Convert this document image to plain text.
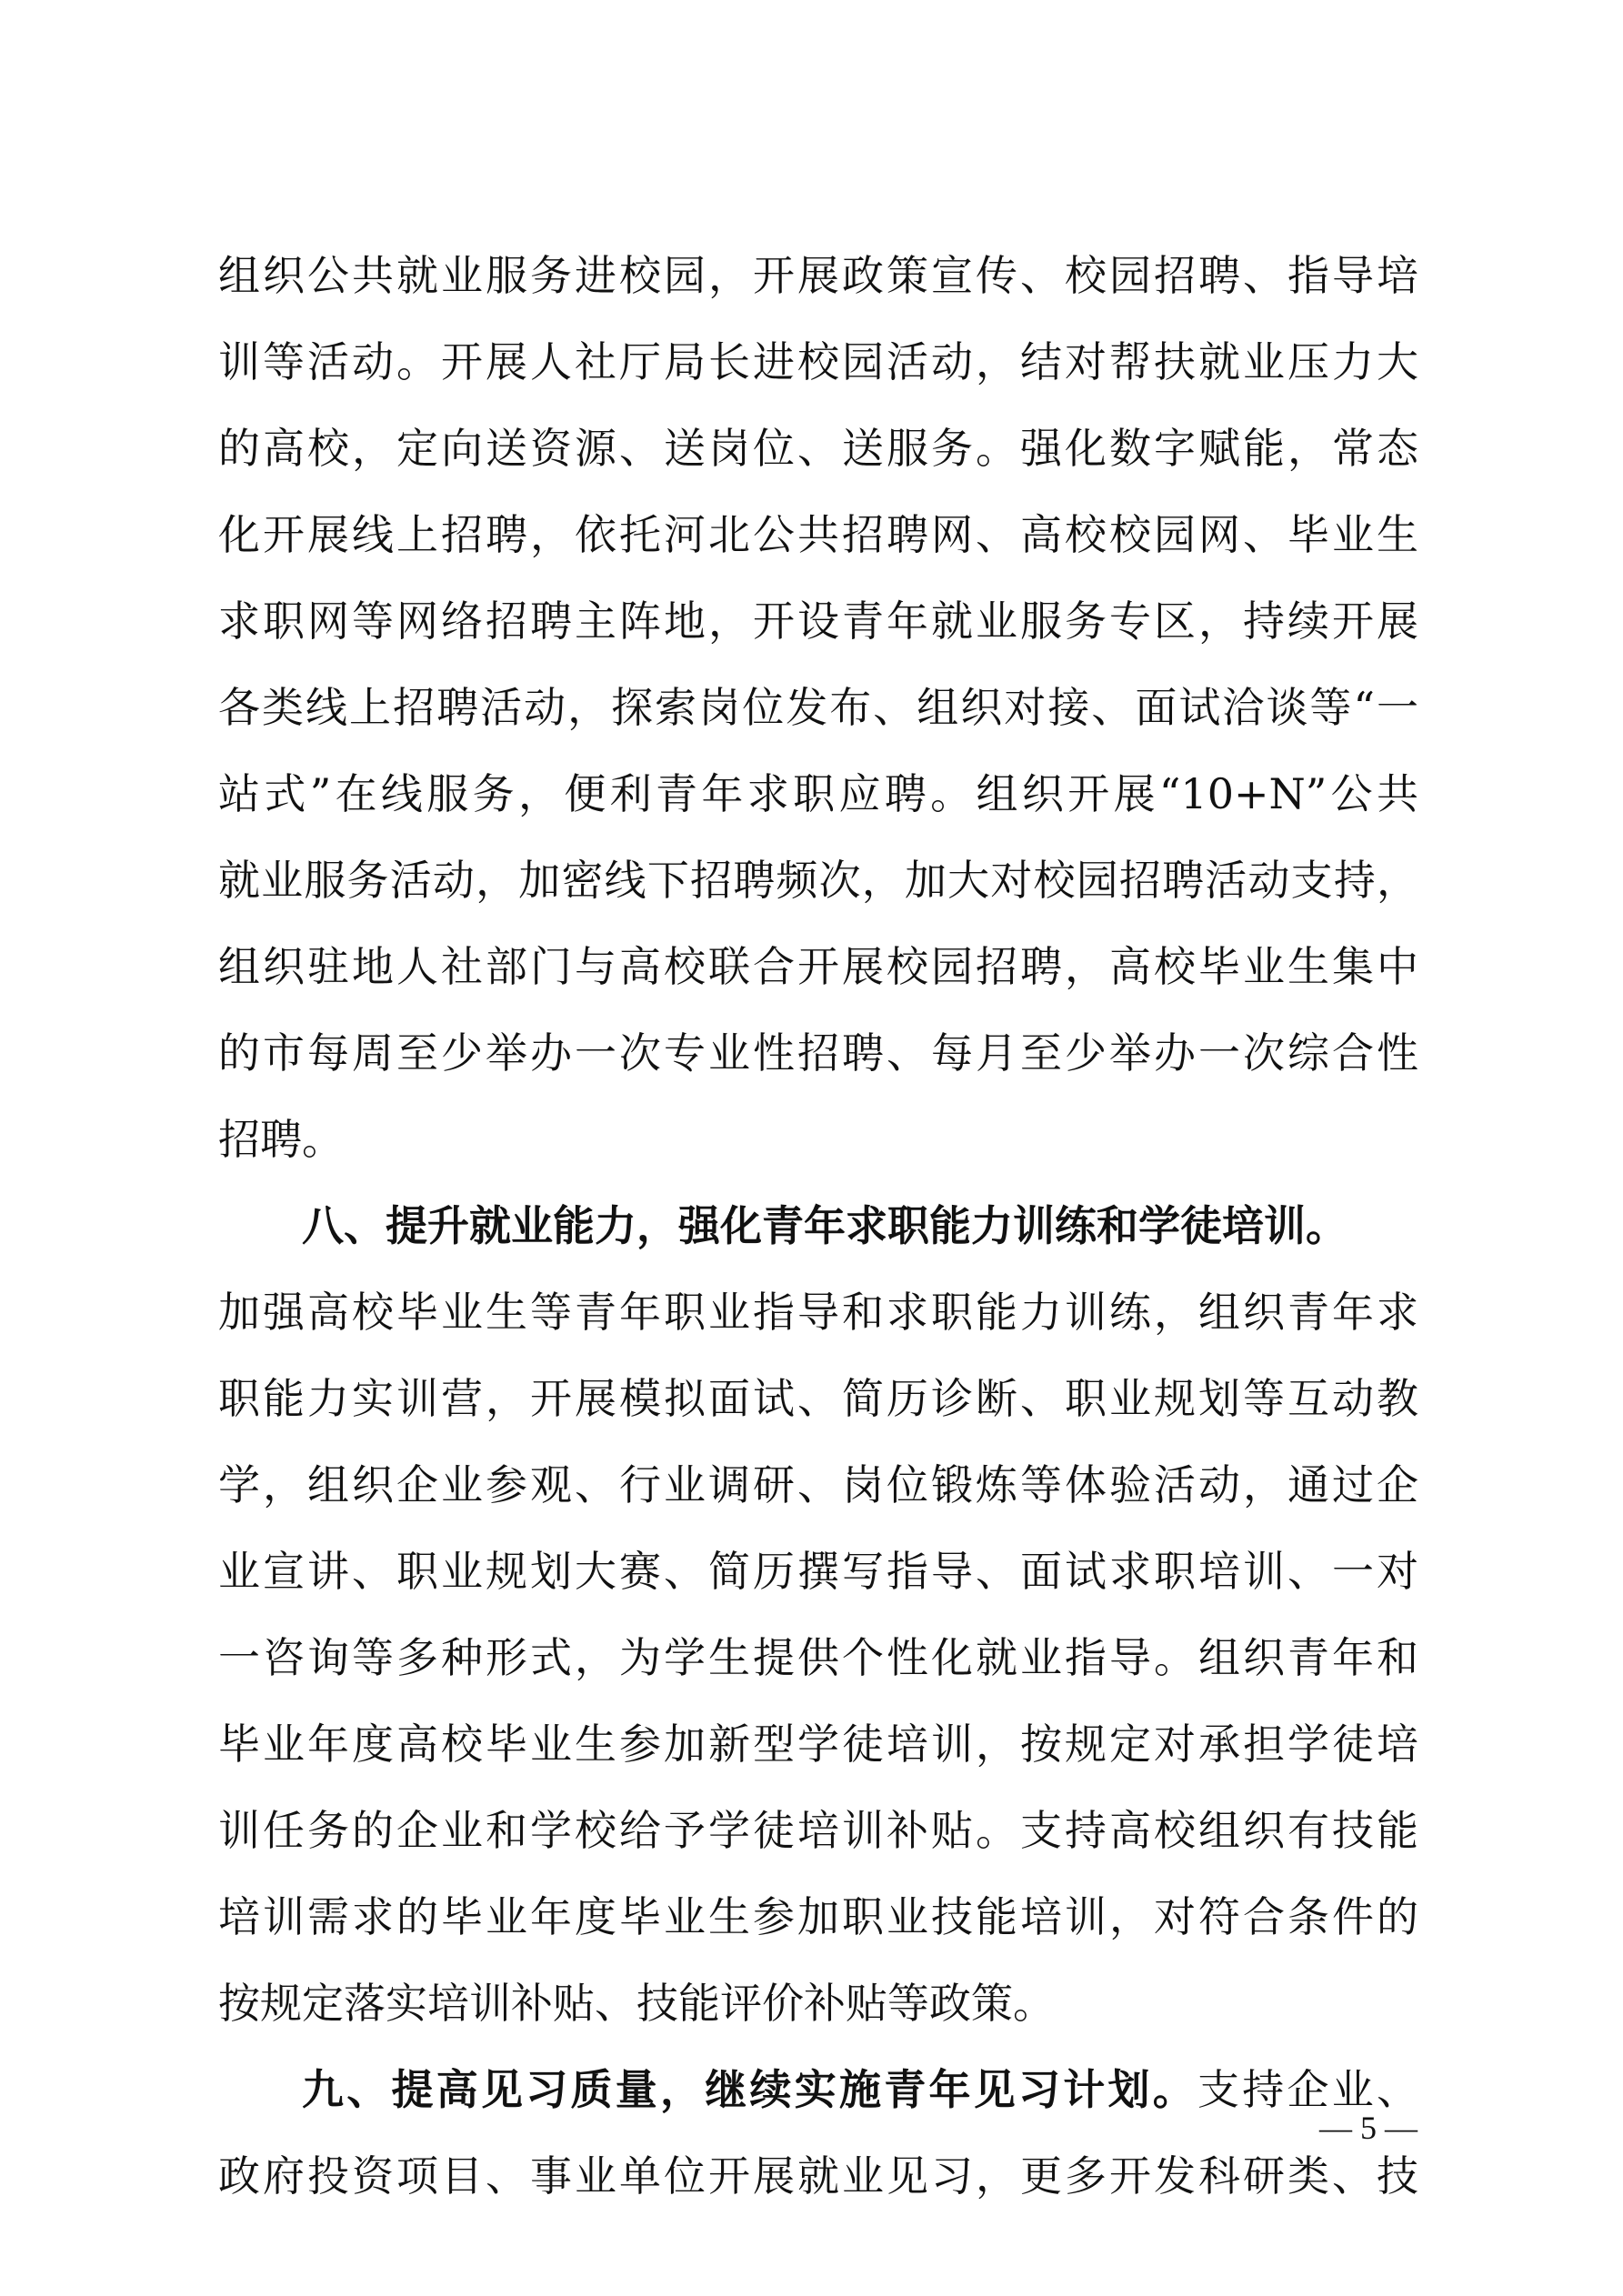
组织公共就业服务进校园，开展政策宣传、校园招聘、指导培
训等活动。开展人社厅局长进校园活动，结对帮扶就业压力大
的高校，定向送资源、送岗位、送服务。强化数字赋能，常态
化开展线上招聘，依托河北公共招聘网、高校校园网、毕业生
求职网等网络招聘主阵地，开设青年就业服务专区，持续开展
各类线上招聘活动，探索岗位发布、组织对接、面试洽谈等“一
站式”在线服务，便利青年求职应聘。组织开展“10+N”公共
就业服务活动，加密线下招聘频次，加大对校园招聘活动支持，
组织驻地人社部门与高校联合开展校园招聘，高校毕业生集中
的市每周至少举办一次专业性招聘、每月至少举办一次综合性
招聘。
八、提升就业能力，强化青年求职能力训练和学徒培训。
加强高校毕业生等青年职业指导和求职能力训练，组织青年求
职能力实训营，开展模拟面试、简历诊断、职业规划等互动教
学，组织企业参观、行业调研、岗位锻炼等体验活动，通过企
业宣讲、职业规划大赛、简历撰写指导、面试求职培训、一对
一咨询等多种形式，为学生提供个性化就业指导。组织青年和
毕业年度高校毕业生参加新型学徒培训，按规定对承担学徒培
训任务的企业和学校给予学徒培训补贴。支持高校组织有技能
培训需求的毕业年度毕业生参加职业技能培训，对符合条件的
按规定落实培训补贴、技能评价补贴等政策。
九、提高见习质量，继续实施青年见习计划。支持企业、
政府投资项目、事业单位开展就业见习，更多开发科研类、技
— 5 —
